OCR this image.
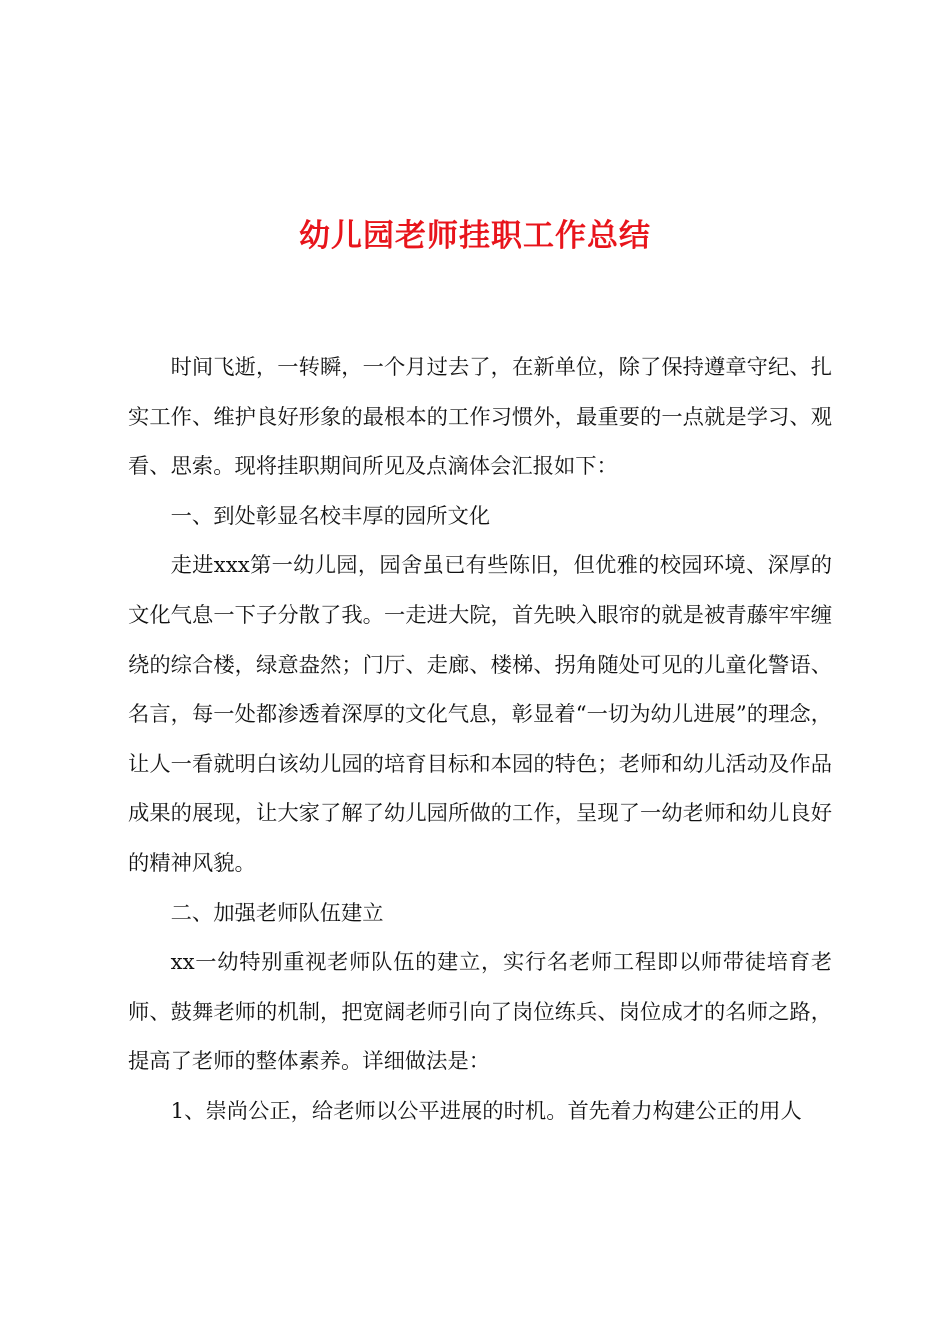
幼儿园老师挂职工作总结

时间飞逝，一转瞬，一个月过去了，在新单位，除了保持遵章守纪、扎实工作、维护良好形象的最根本的工作习惯外，最重要的一点就是学习、观看、思索。现将挂职期间所见及点滴体会汇报如下：

一、到处彰显名校丰厚的园所文化

走进xxx第一幼儿园，园舍虽已有些陈旧，但优雅的校园环境、深厚的文化气息一下子分散了我。一走进大院，首先映入眼帘的就是被青藤牢牢缠绕的综合楼，绿意盎然；门厅、走廊、楼梯、拐角随处可见的儿童化警语、名言，每一处都渗透着深厚的文化气息，彰显着“一切为幼儿进展”的理念，让人一看就明白该幼儿园的培育目标和本园的特色；老师和幼儿活动及作品成果的展现，让大家了解了幼儿园所做的工作，呈现了一幼老师和幼儿良好的精神风貌。

二、加强老师队伍建立

xx一幼特别重视老师队伍的建立，实行名老师工程即以师带徒培育老师、鼓舞老师的机制，把宽阔老师引向了岗位练兵、岗位成才的名师之路，提高了老师的整体素养。详细做法是：

1、崇尚公正，给老师以公平进展的时机。首先着力构建公正的用人
